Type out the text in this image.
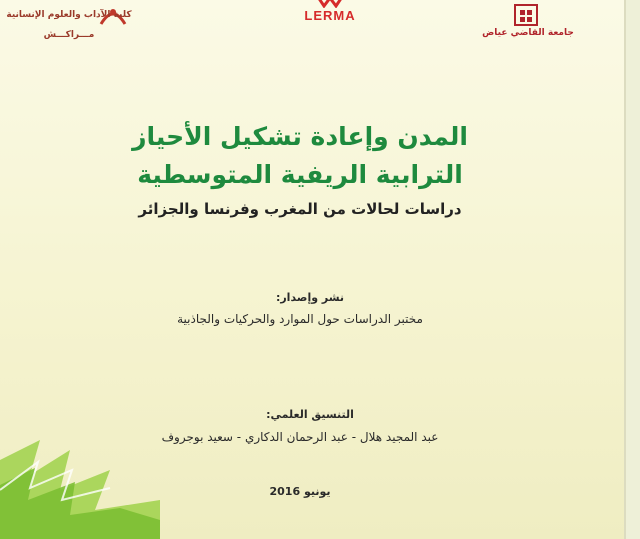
كلية الآداب والعلوم الإنسانية
مـــراكـــش
LERMA
جامعة القاضي عياض
المدن وإعادة تشكيل الأحياز
الترابية الريفية المتوسطية
دراسات لحالات من المغرب وفرنسا والجزائر
نشر وإصدار:
مختبر الدراسات حول الموارد والحركيات والجاذبية
التنسيق العلمي:
عبد المجيد هلال - عبد الرحمان الدكاري - سعيد بوجروف
يونيو 2016
